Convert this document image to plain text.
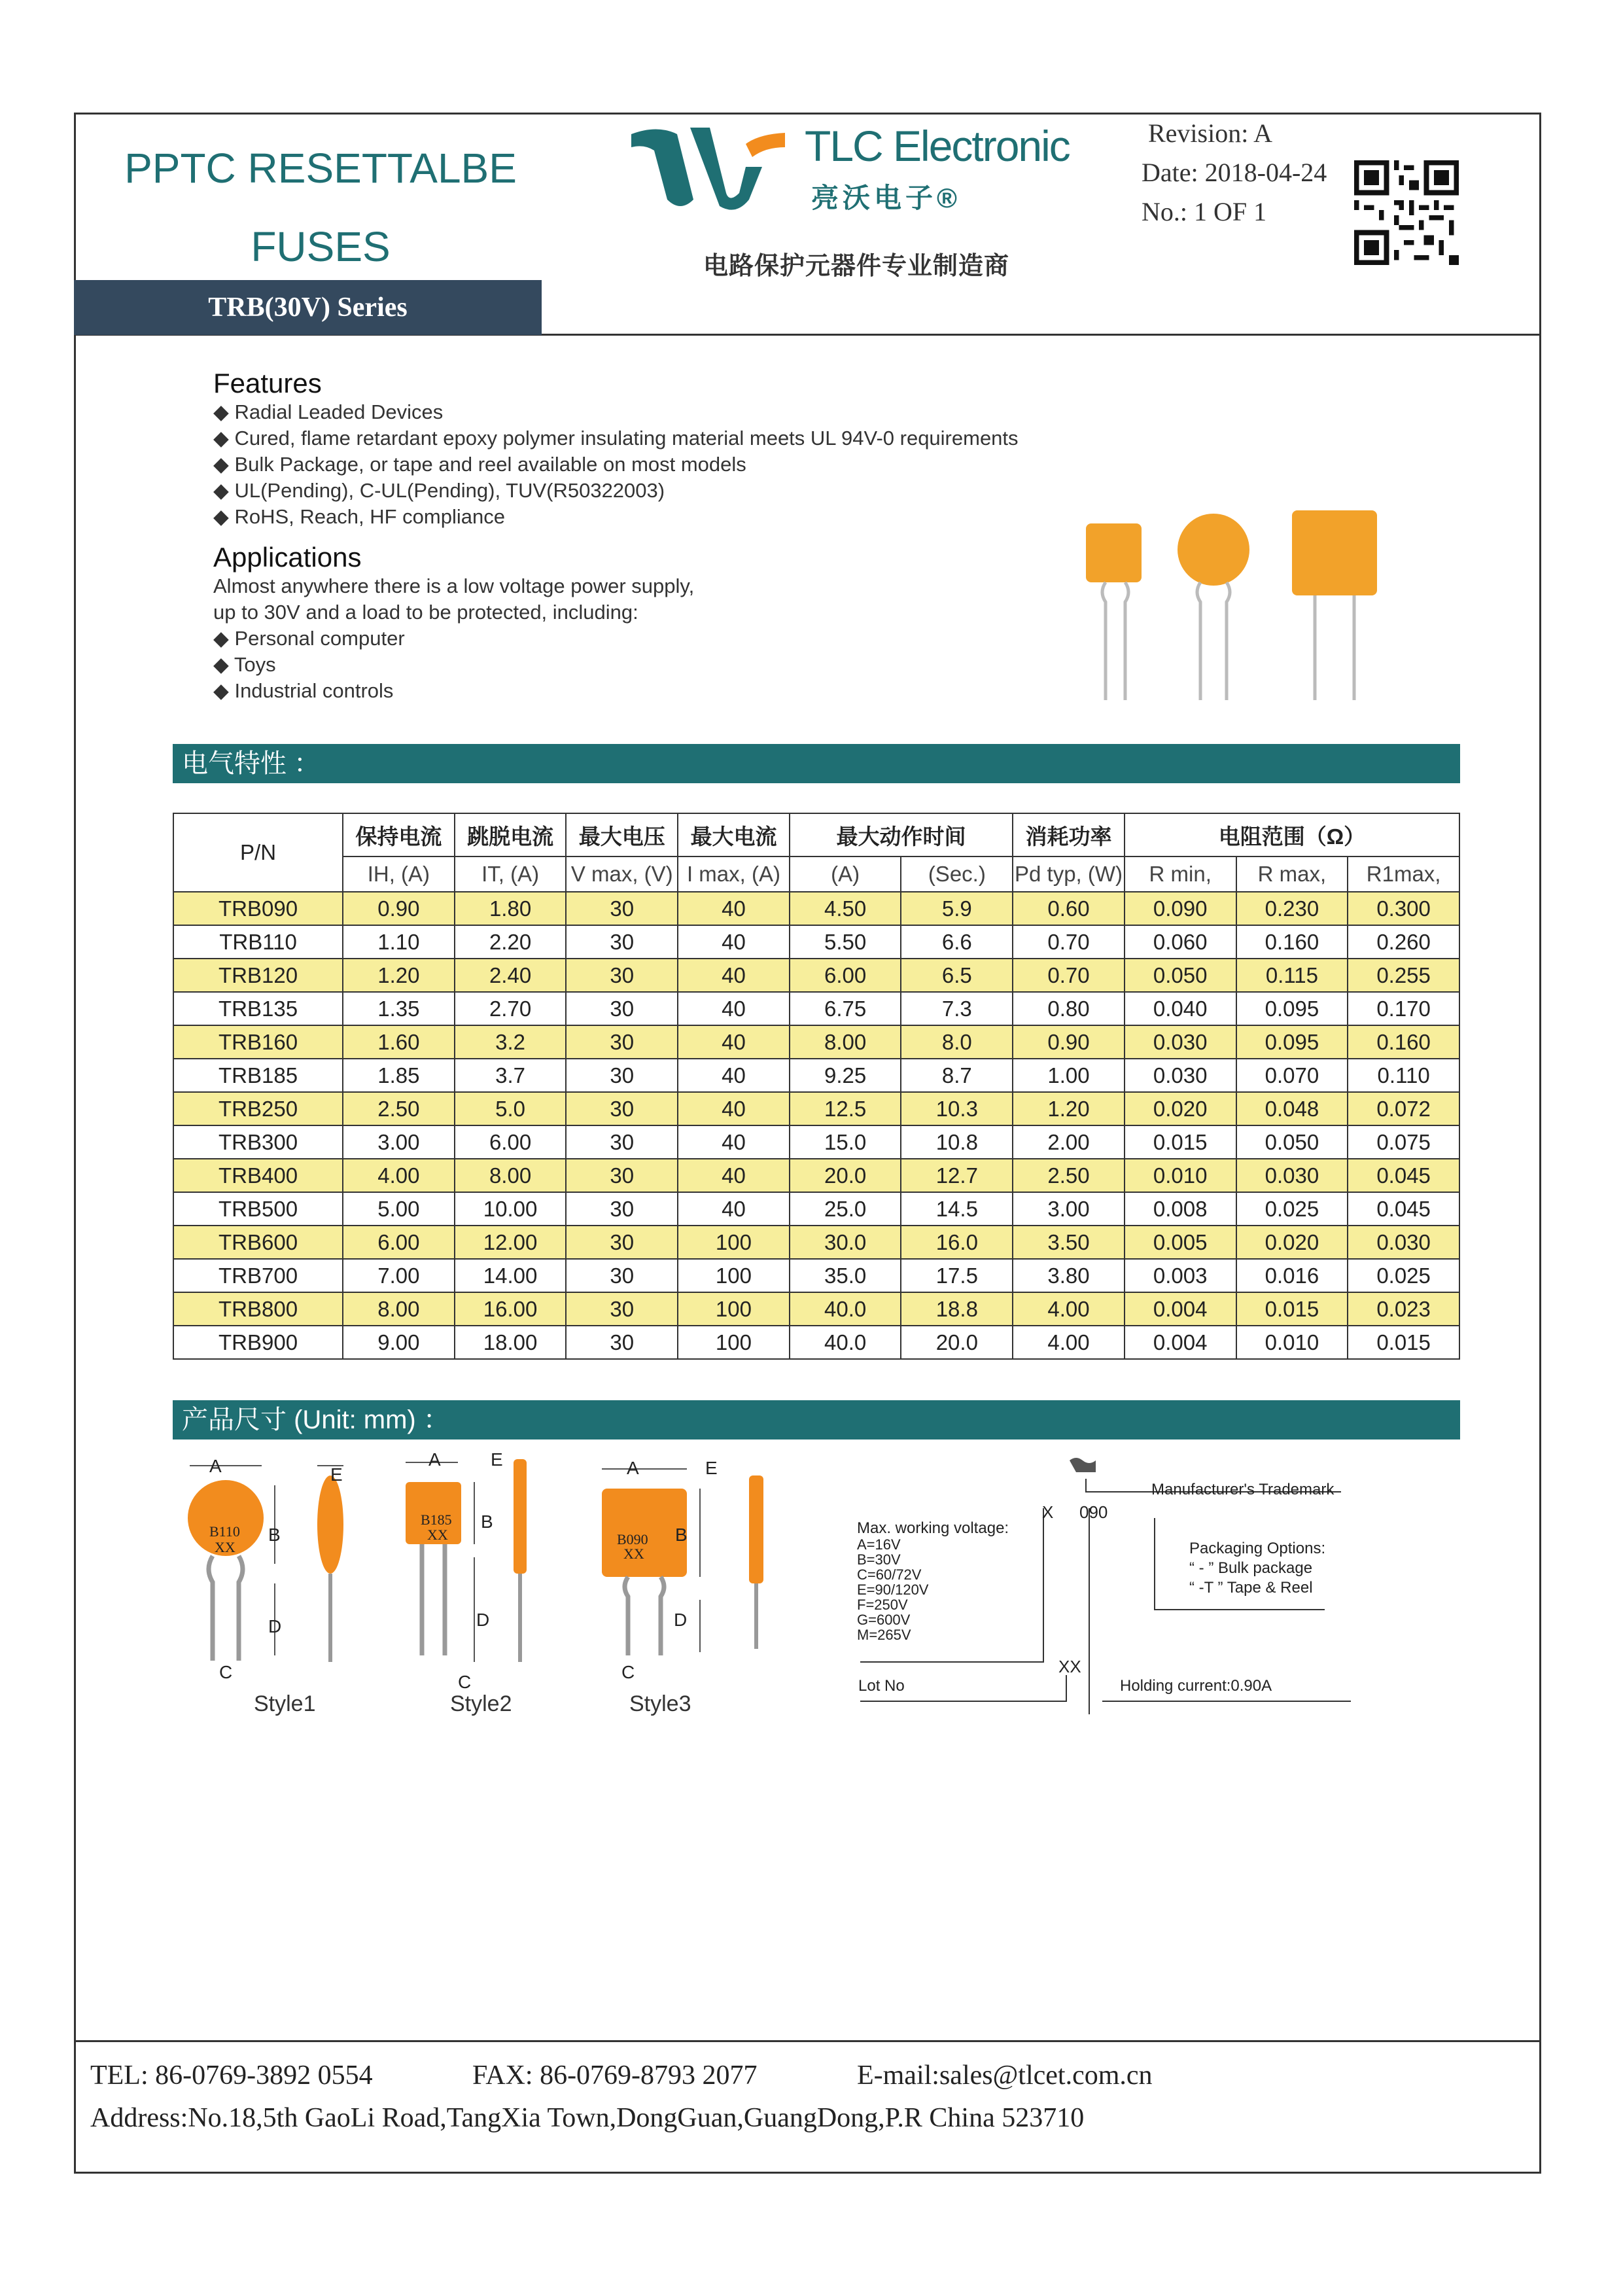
PPTC RESETTALBE
FUSES
TRB(30V) Series
TLC Electronic
亮沃电子®
电路保护元器件专业制造商
Revision: A
Date: 2018-04-24
No.: 1 OF 1
Features
◆ Radial Leaded Devices
◆ Cured, flame retardant epoxy polymer insulating material meets UL 94V-0 requirements
◆ Bulk Package, or tape and reel available on most models
◆ UL(Pending), C-UL(Pending), TUV(R50322003)
◆ RoHS, Reach, HF compliance
Applications
Almost anywhere there is a low voltage power supply,
up to 30V and a load to be protected, including:
◆ Personal computer
◆ Toys
◆ Industrial controls
电气特性 ：
P/N	保持电流	跳脱电流	最大电压	最大电流	最大动作时间		消耗功率	电阻范围（Ω）		
	IH, (A)	IT, (A)	V max, (V)	I max, (A)	(A)	(Sec.)	Pd typ, (W)	R min,	R max,	R1max,
TRB090	0.90	1.80	30	40	4.50	5.9	0.60	0.090	0.230	0.300
TRB110	1.10	2.20	30	40	5.50	6.6	0.70	0.060	0.160	0.260
TRB120	1.20	2.40	30	40	6.00	6.5	0.70	0.050	0.115	0.255
TRB135	1.35	2.70	30	40	6.75	7.3	0.80	0.040	0.095	0.170
TRB160	1.60	3.2	30	40	8.00	8.0	0.90	0.030	0.095	0.160
TRB185	1.85	3.7	30	40	9.25	8.7	1.00	0.030	0.070	0.110
TRB250	2.50	5.0	30	40	12.5	10.3	1.20	0.020	0.048	0.072
TRB300	3.00	6.00	30	40	15.0	10.8	2.00	0.015	0.050	0.075
TRB400	4.00	8.00	30	40	20.0	12.7	2.50	0.010	0.030	0.045
TRB500	5.00	10.00	30	40	25.0	14.5	3.00	0.008	0.025	0.045
TRB600	6.00	12.00	30	100	30.0	16.0	3.50	0.005	0.020	0.030
TRB700	7.00	14.00	30	100	35.0	17.5	3.80	0.003	0.016	0.025
TRB800	8.00	16.00	30	100	40.0	18.8	4.00	0.004	0.015	0.023
TRB900	9.00	18.00	30	100	40.0	20.0	4.00	0.004	0.010	0.015
产品尺寸 (Unit: mm) ：
A
B
D
C
E
B110
XX
A
B
D
C
E
B185
XX
A
B
D
C
E
B090
XX
Style1	Style2	Style3
X 090
XX
Manufacturer's Trademark
Max. working voltage:
A=16V
B=30V
C=60/72V
E=90/120V
F=250V
G=600V
M=265V
Packaging Options:
“ - ” Bulk package
“ -T ” Tape & Reel
Lot No	Holding current:0.90A
TEL: 86-0769-3892 0554	FAX: 86-0769-8793 2077	E-mail:sales@tlcet.com.cn
Address:No.18,5th GaoLi Road,TangXia Town,DongGuan,GuangDong,P.R China 523710
